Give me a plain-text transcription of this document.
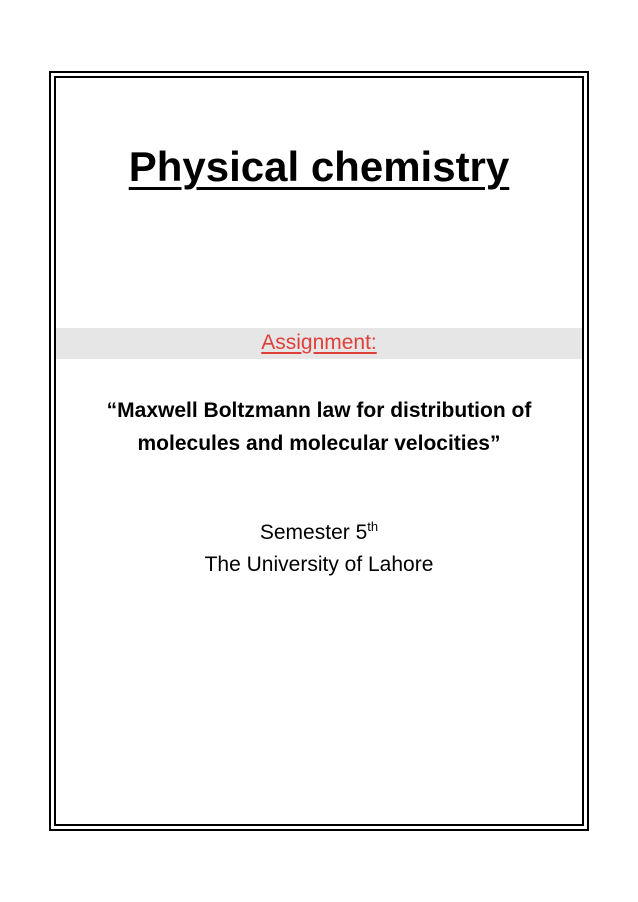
Physical chemistry
Assignment:
“Maxwell Boltzmann law for distribution of molecules and molecular velocities”
Semester 5th
The University of Lahore
